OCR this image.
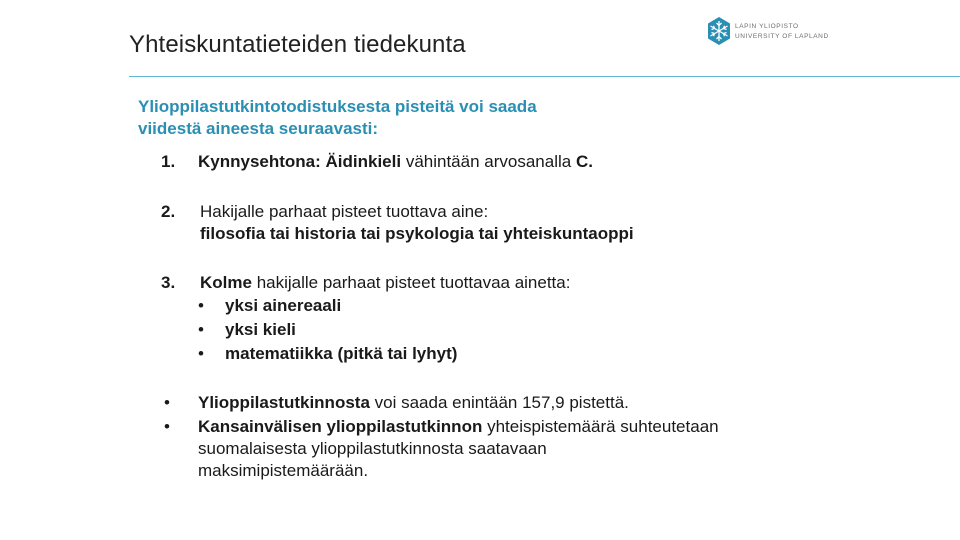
Yhteiskuntatieteiden tiedekunta
LAPIN YLIOPISTO
UNIVERSITY OF LAPLAND
Ylioppilastutkintotodistuksesta pisteitä voi saada
viidestä aineesta seuraavasti:
1. Kynnysehtona: Äidinkieli vähintään arvosanalla C.
2. Hakijalle parhaat pisteet tuottava aine:
filosofia tai historia tai psykologia tai yhteiskuntaoppi
3. Kolme hakijalle parhaat pisteet tuottavaa ainetta:
• yksi ainereaali
• yksi kieli
• matematiikka (pitkä tai lyhyt)
• Ylioppilastutkinnosta voi saada enintään 157,9 pistettä.
• Kansainvälisen ylioppilastutkinnon yhteispistemäärä suhteutetaan
suomalaisesta ylioppilastutkinnosta saatavaan
maksimipistemäärään.
